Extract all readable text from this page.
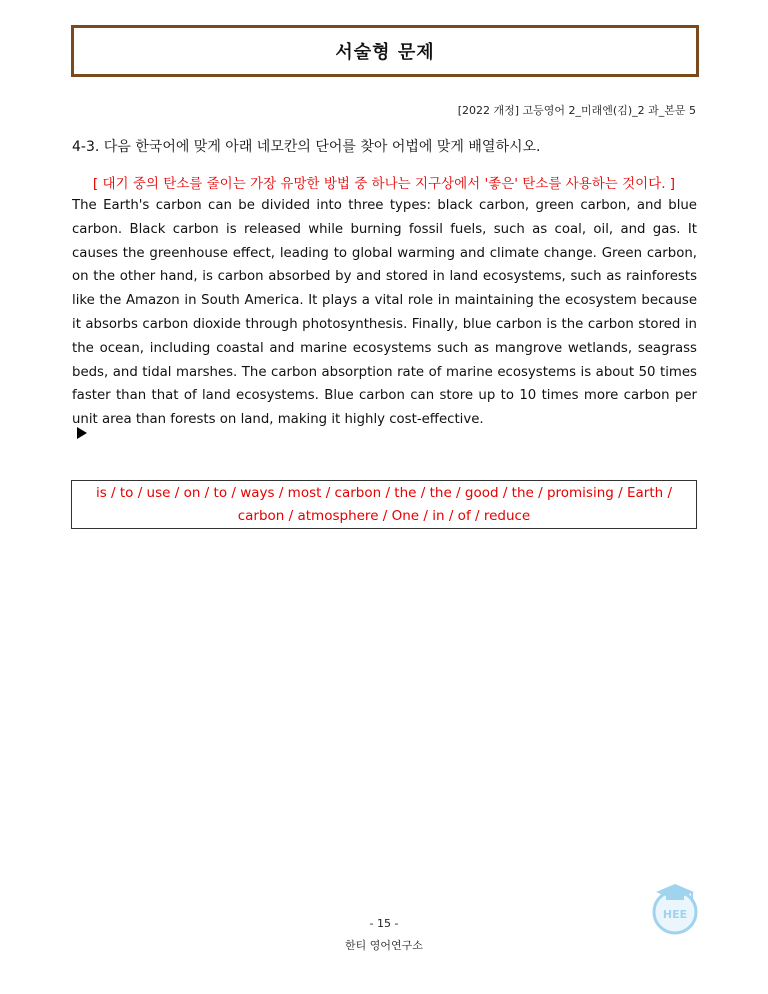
서술형 문제
[2022 개정] 고등영어 2_미래엔(김)_2 과_본문 5
4-3. 다음 한국어에 맞게 아래 네모칸의 단어를 찾아 어법에 맞게 배열하시오.
[ 대기 중의 탄소를 줄이는 가장 유망한 방법 중 하나는 지구상에서 '좋은' 탄소를 사용하는 것이다. ]
The Earth's carbon can be divided into three types: black carbon, green carbon, and blue carbon. Black carbon is released while burning fossil fuels, such as coal, oil, and gas. It causes the greenhouse effect, leading to global warming and climate change. Green carbon, on the other hand, is carbon absorbed by and stored in land ecosystems, such as rainforests like the Amazon in South America. It plays a vital role in maintaining the ecosystem because it absorbs carbon dioxide through photosynthesis. Finally, blue carbon is the carbon stored in the ocean, including coastal and marine ecosystems such as mangrove wetlands, seagrass beds, and tidal marshes. The carbon absorption rate of marine ecosystems is about 50 times faster than that of land ecosystems. Blue carbon can store up to 10 times more carbon per unit area than forests on land, making it highly cost-effective.
is / to / use / on / to / ways / most / carbon / the / the / good / the / promising / Earth / carbon / atmosphere / One / in / of / reduce
- 15 -
한티 영어연구소
HEE
